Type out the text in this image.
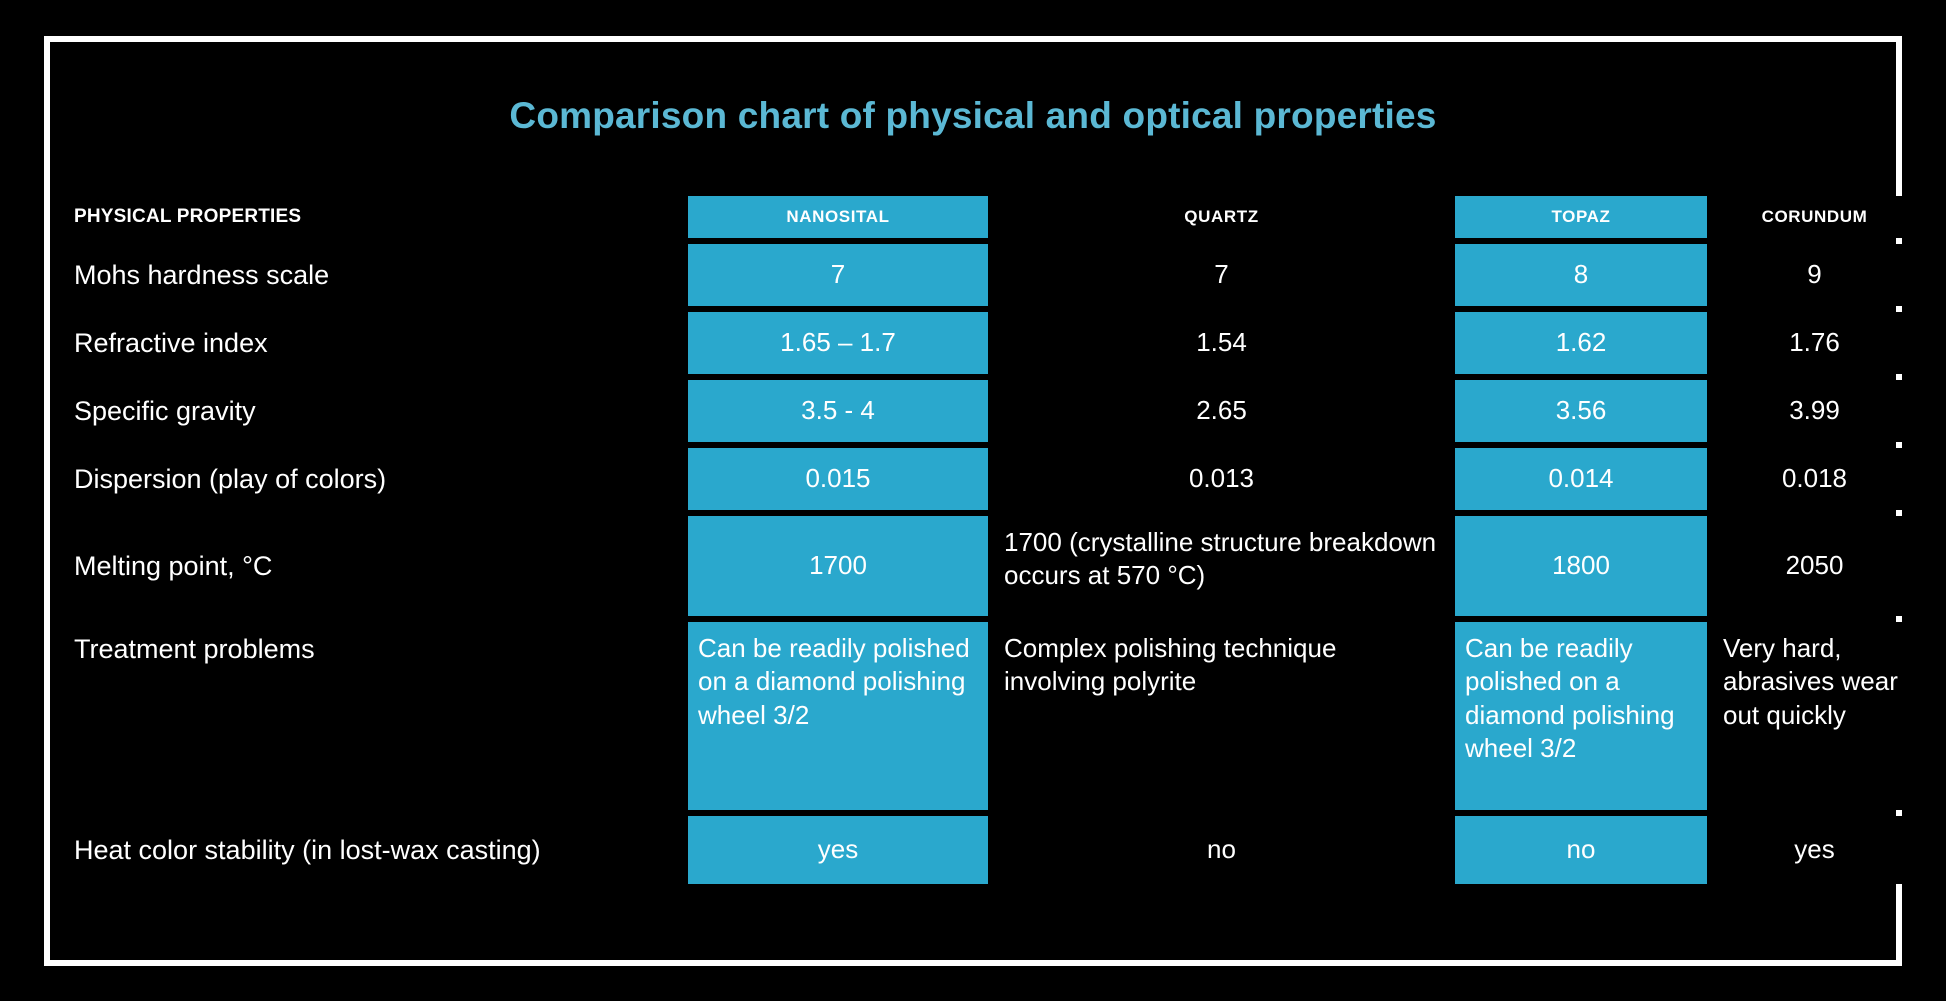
Comparison chart of physical and optical properties
PHYSICAL PROPERTIES	NANOSITAL	QUARTZ	TOPAZ	CORUNDUM
Mohs hardness scale	7	7	8	9
Refractive index	1.65 – 1.7	1.54	1.62	1.76
Specific gravity	3.5 - 4	2.65	3.56	3.99
Dispersion (play of colors)	0.015	0.013	0.014	0.018
Melting point, °C	1700	1700 (crystalline structure breakdown occurs at 570 °C)	1800	2050
Treatment problems	Can be readily polished on a diamond polishing wheel 3/2	Complex polishing technique involving polyrite	Can be readily polished on a diamond polishing wheel 3/2	Very hard, abrasives wear out quickly
Heat color stability (in lost-wax casting)	yes	no	no	yes
